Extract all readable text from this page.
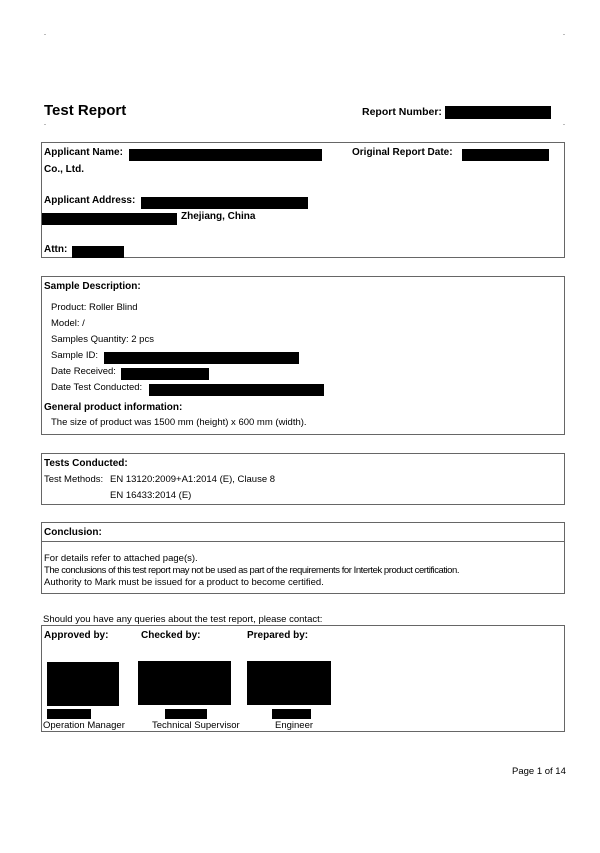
Test Report	Report Number:
Applicant Name:	Original Report Date:
Co., Ltd.
Applicant Address:
Zhejiang, China
Attn:
Sample Description:
Product: Roller Blind
Model: /
Samples Quantity: 2 pcs
Sample ID:
Date Received:
Date Test Conducted:
General product information:
The size of product was 1500 mm (height) x 600 mm (width).
Tests Conducted:
Test Methods: EN 13120:2009+A1:2014 (E), Clause 8
EN 16433:2014 (E)
Conclusion:
For details refer to attached page(s).
The conclusions of this test report may not be used as part of the requirements for Intertek product certification.
Authority to Mark must be issued for a product to become certified.
Should you have any queries about the test report, please contact:
Approved by:	Checked by:	Prepared by:
Operation Manager	Technical Supervisor	Engineer
Page 1 of 14
